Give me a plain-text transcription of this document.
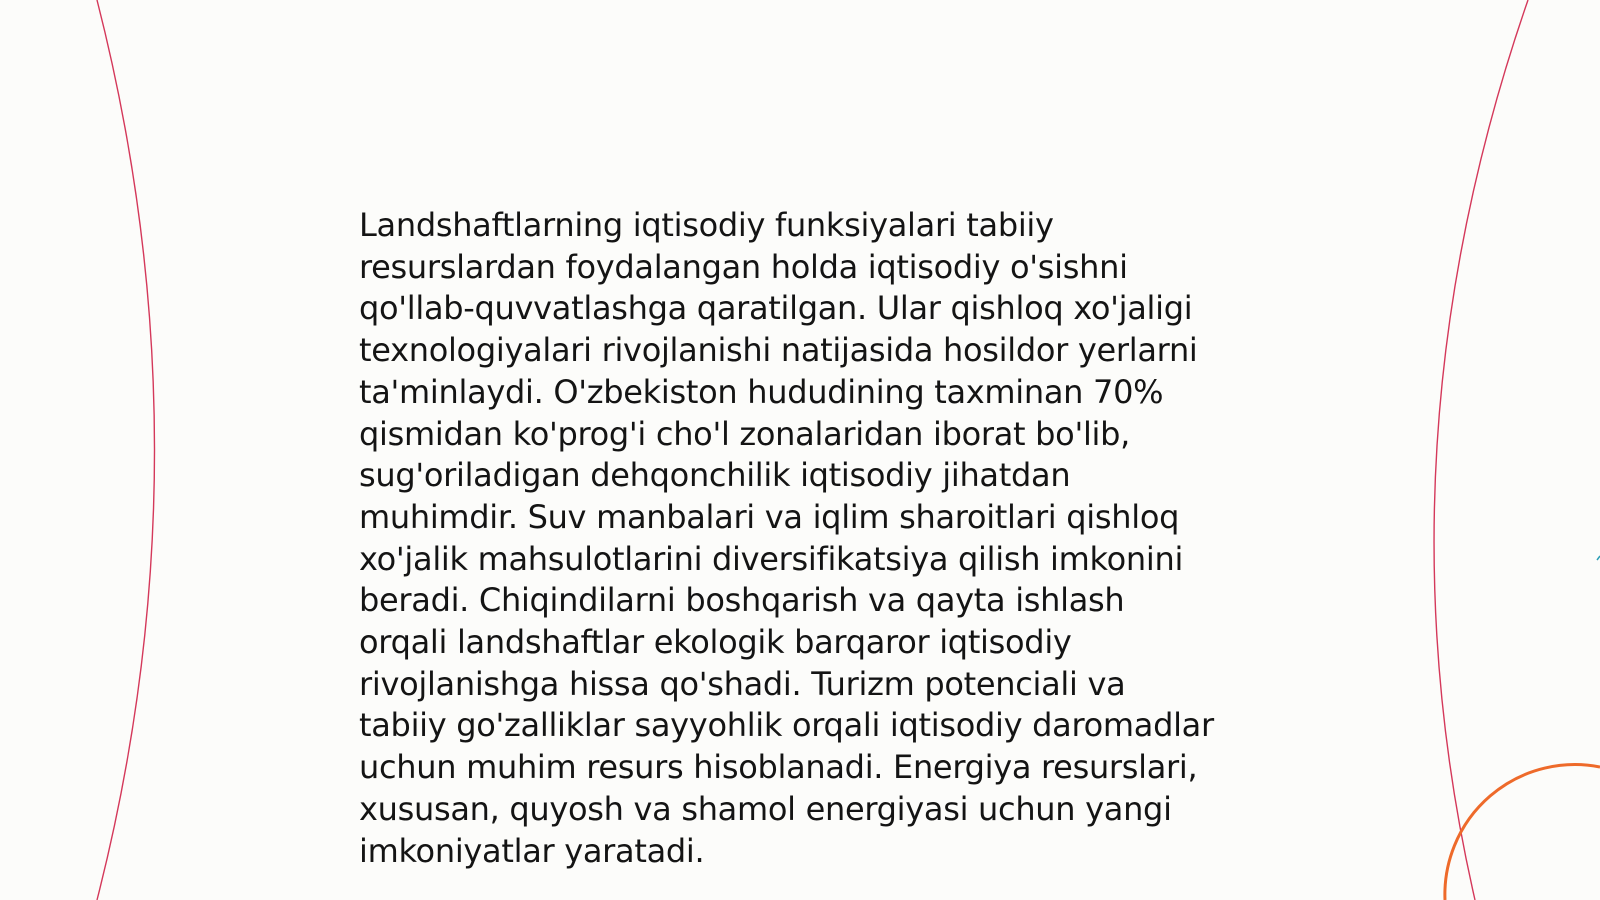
Landshaftlarning iqtisodiy funksiyalari tabiiy
resurslardan foydalangan holda iqtisodiy o'sishni
qo'llab-quvvatlashga qaratilgan. Ular qishloq xo'jaligi
texnologiyalari rivojlanishi natijasida hosildor yerlarni
ta'minlaydi. O'zbekiston hududining taxminan 70%
qismidan ko'prog'i cho'l zonalaridan iborat bo'lib,
sug'oriladigan dehqonchilik iqtisodiy jihatdan
muhimdir. Suv manbalari va iqlim sharoitlari qishloq
xo'jalik mahsulotlarini diversifikatsiya qilish imkonini
beradi. Chiqindilarni boshqarish va qayta ishlash
orqali landshaftlar ekologik barqaror iqtisodiy
rivojlanishga hissa qo'shadi. Turizm potenciali va
tabiiy go'zalliklar sayyohlik orqali iqtisodiy daromadlar
uchun muhim resurs hisoblanadi. Energiya resurslari,
xususan, quyosh va shamol energiyasi uchun yangi
imkoniyatlar yaratadi.
